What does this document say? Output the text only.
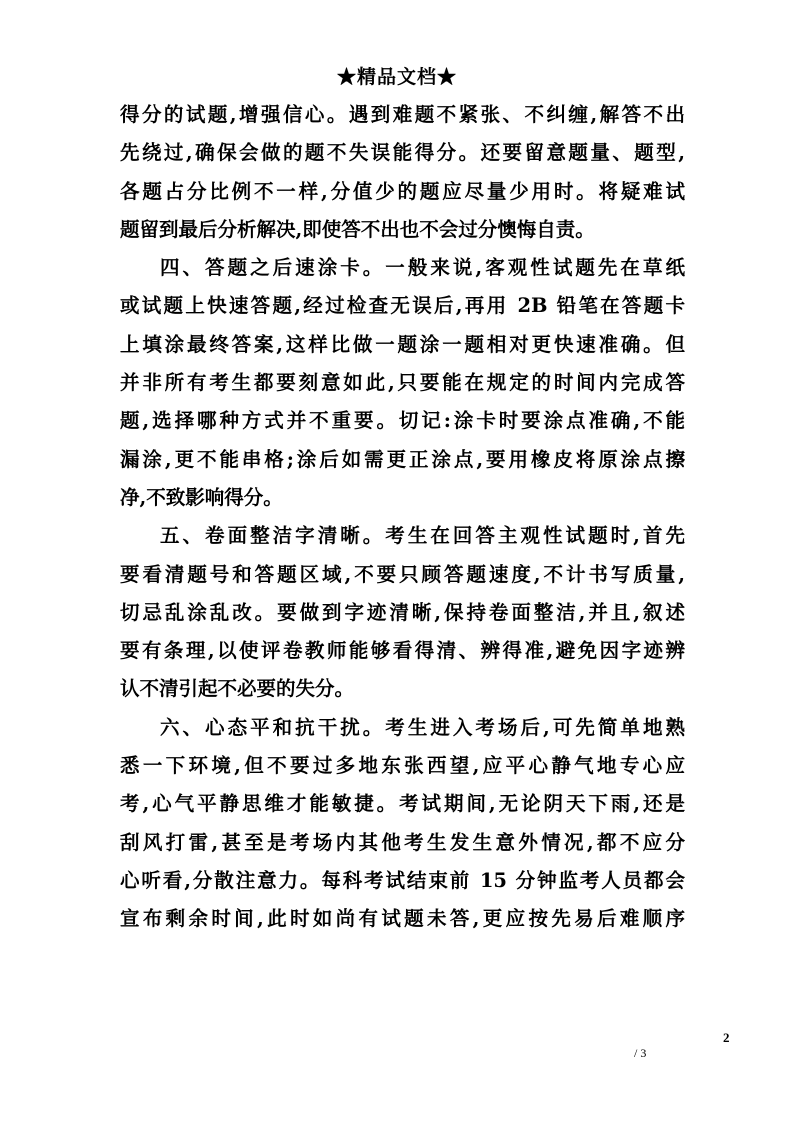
★精品文档★
得分的试题,增强信心。遇到难题不紧张、不纠缠,解答不出
先绕过,确保会做的题不失误能得分。还要留意题量、题型,
各题占分比例不一样,分值少的题应尽量少用时。将疑难试
题留到最后分析解决,即使答不出也不会过分懊悔自责。
四、答题之后速涂卡。一般来说,客观性试题先在草纸
或试题上快速答题,经过检查无误后,再用 2B 铅笔在答题卡
上填涂最终答案,这样比做一题涂一题相对更快速准确。但
并非所有考生都要刻意如此,只要能在规定的时间内完成答
题,选择哪种方式并不重要。切记:涂卡时要涂点准确,不能
漏涂,更不能串格;涂后如需更正涂点,要用橡皮将原涂点擦
净,不致影响得分。
五、卷面整洁字清晰。考生在回答主观性试题时,首先
要看清题号和答题区域,不要只顾答题速度,不计书写质量,
切忌乱涂乱改。要做到字迹清晰,保持卷面整洁,并且,叙述
要有条理,以使评卷教师能够看得清、辨得准,避免因字迹辨
认不清引起不必要的失分。
六、心态平和抗干扰。考生进入考场后,可先简单地熟
悉一下环境,但不要过多地东张西望,应平心静气地专心应
考,心气平静思维才能敏捷。考试期间,无论阴天下雨,还是
刮风打雷,甚至是考场内其他考生发生意外情况,都不应分
心听看,分散注意力。每科考试结束前 15 分钟监考人员都会
宣布剩余时间,此时如尚有试题未答,更应按先易后难顺序
2
/ 3
